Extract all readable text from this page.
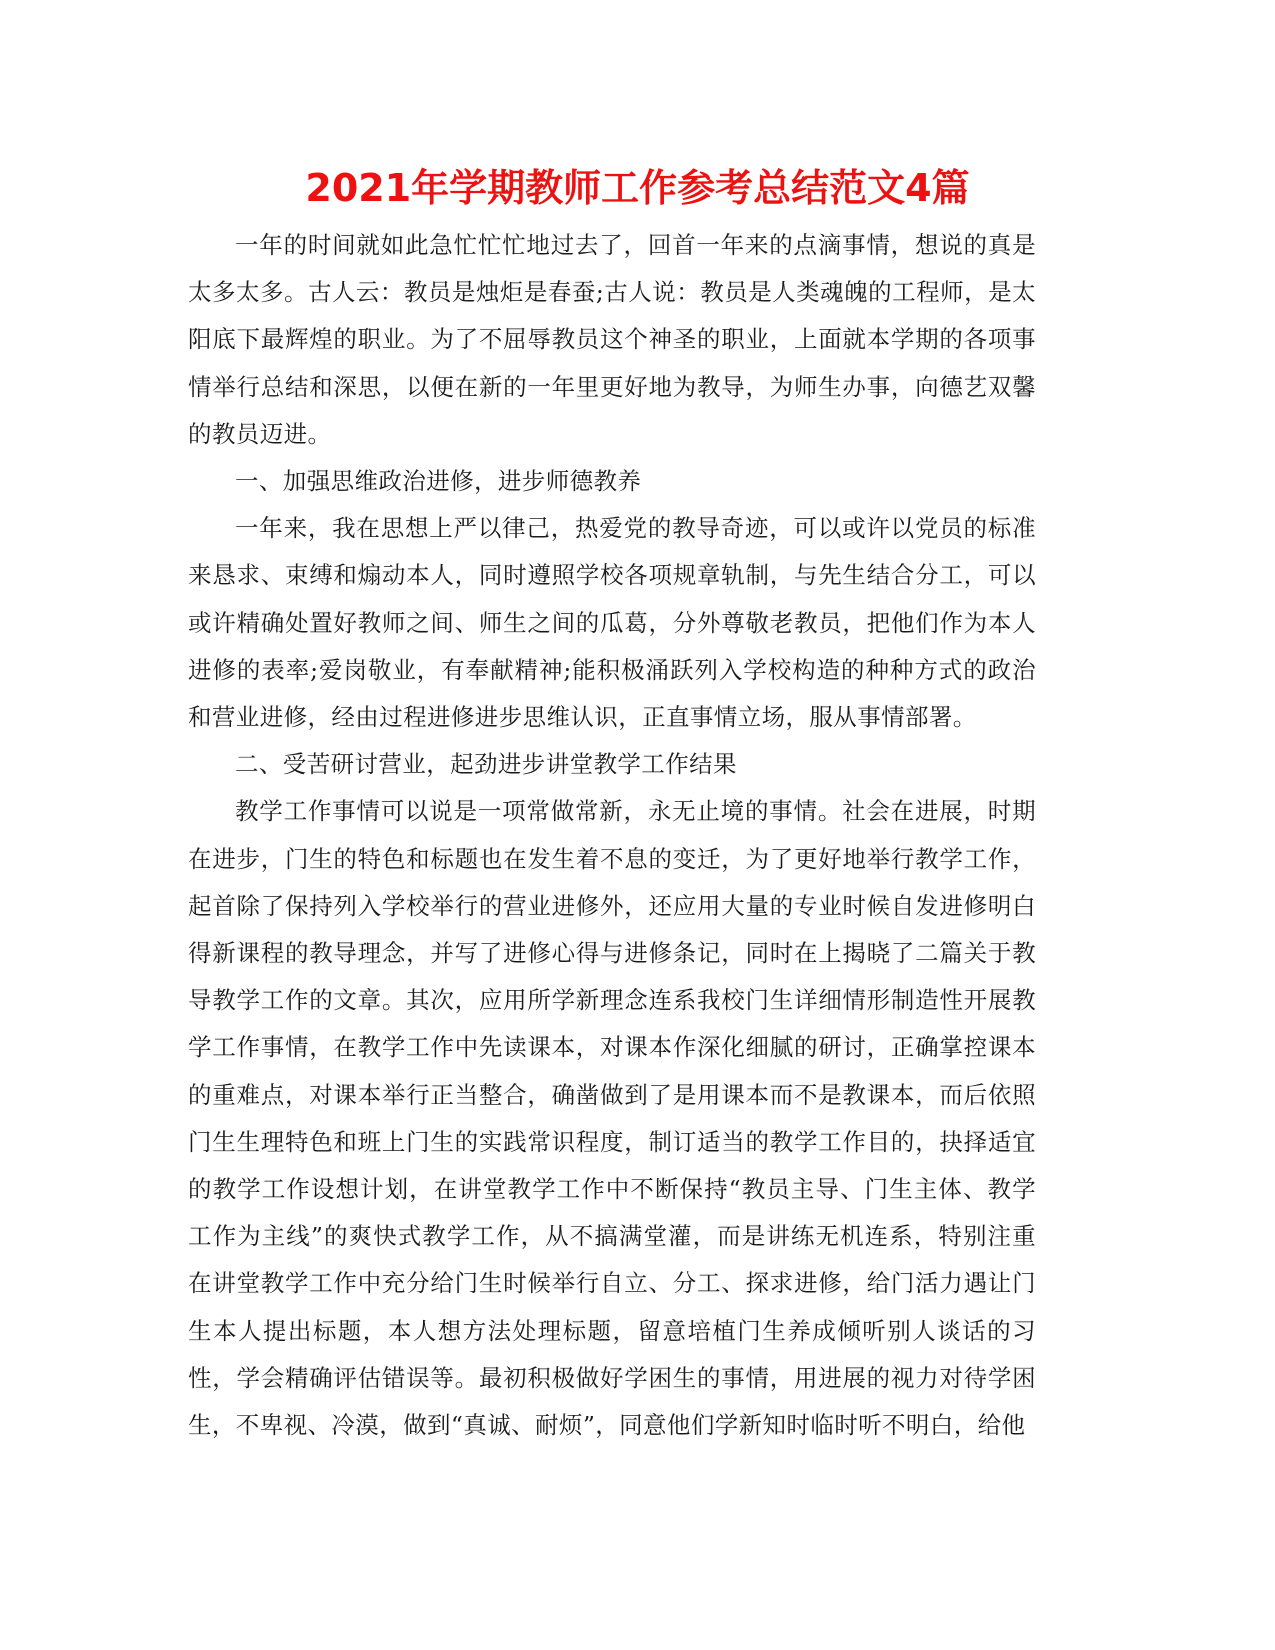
2021年学期教师工作参考总结范文4篇

一年的时间就如此急忙忙忙地过去了，回首一年来的点滴事情，想说的真是太多太多。古人云：教员是烛炬是春蚕;古人说：教员是人类魂魄的工程师，是太阳底下最辉煌的职业。为了不屈辱教员这个神圣的职业，上面就本学期的各项事情举行总结和深思，以便在新的一年里更好地为教导，为师生办事，向德艺双馨的教员迈进。

一、加强思维政治进修，进步师德教养

一年来，我在思想上严以律己，热爱党的教导奇迹，可以或许以党员的标准来恳求、束缚和煽动本人，同时遵照学校各项规章轨制，与先生结合分工，可以或许精确处置好教师之间、师生之间的瓜葛，分外尊敬老教员，把他们作为本人进修的表率;爱岗敬业，有奉献精神;能积极涌跃列入学校构造的种种方式的政治和营业进修，经由过程进修进步思维认识，正直事情立场，服从事情部署。

二、受苦研讨营业，起劲进步讲堂教学工作结果

教学工作事情可以说是一项常做常新，永无止境的事情。社会在进展，时期在进步，门生的特色和标题也在发生着不息的变迁，为了更好地举行教学工作，起首除了保持列入学校举行的营业进修外，还应用大量的专业时候自发进修明白得新课程的教导理念，并写了进修心得与进修条记，同时在上揭晓了二篇关于教导教学工作的文章。其次，应用所学新理念连系我校门生详细情形制造性开展教学工作事情，在教学工作中先读课本，对课本作深化细腻的研讨，正确掌控课本的重难点，对课本举行正当整合，确凿做到了是用课本而不是教课本，而后依照门生生理特色和班上门生的实践常识程度，制订适当的教学工作目的，抉择适宜的教学工作设想计划，在讲堂教学工作中不断保持“教员主导、门生主体、教学工作为主线”的爽快式教学工作，从不搞满堂灌，而是讲练无机连系，特别注重在讲堂教学工作中充分给门生时候举行自立、分工、探求进修，给门活力遇让门生本人提出标题，本人想方法处理标题，留意培植门生养成倾听别人谈话的习性，学会精确评估错误等。最初积极做好学困生的事情，用进展的视力对待学困生，不卑视、冷漠，做到“真诚、耐烦”，同意他们学新知时临时听不明白，给他
